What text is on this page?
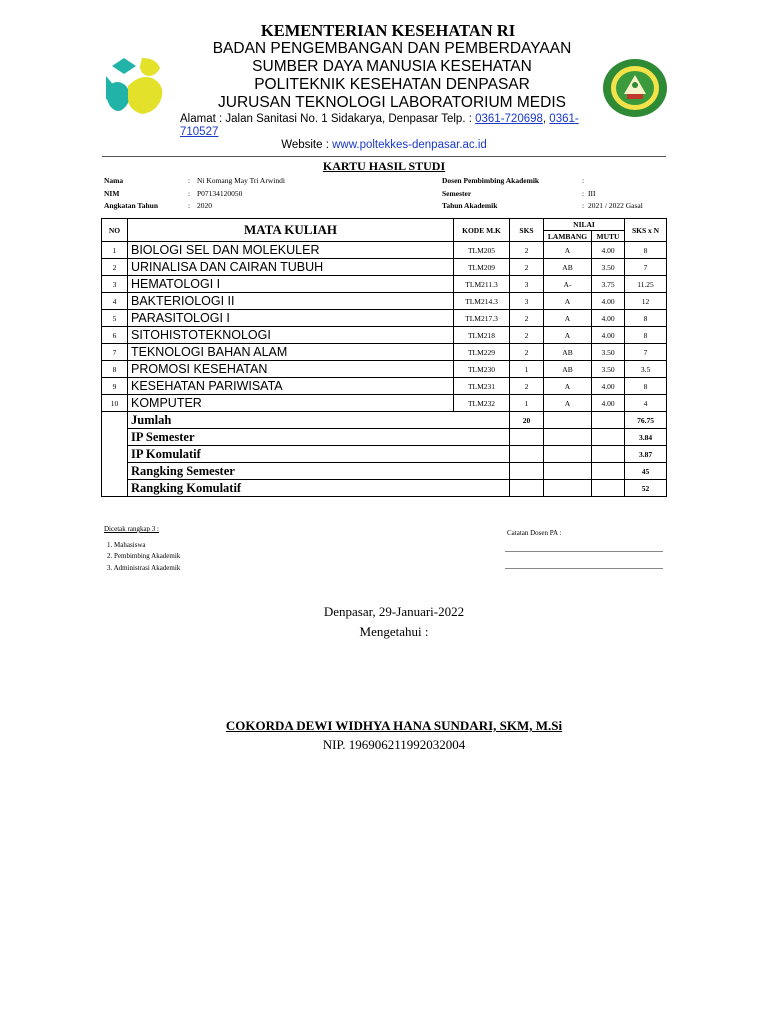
KEMENTERIAN KESEHATAN RI
BADAN PENGEMBANGAN DAN PEMBERDAYAAN
SUMBER DAYA MANUSIA KESEHATAN
POLITEKNIK KESEHATAN DENPASAR
JURUSAN TEKNOLOGI LABORATORIUM MEDIS
Alamat : Jalan Sanitasi No. 1 Sidakarya, Denpasar Telp. : 0361-720698, 0361-
710527
Website : www.poltekkes-denpasar.ac.id
KARTU HASIL STUDI
Nama	: Ni Komang May Tri Arwindi
NIM	: P07134120050
Angkatan Tahun	: 2020
Dosen Pembimbing Akademik	:
Semester	: III
Tahun Akademik	: 2021 / 2022 Gasal
NO	MATA KULIAH	KODE M.K	SKS	NILAI		SKS x N
				LAMBANG	MUTU	
1	BIOLOGI SEL DAN MOLEKULER	TLM205	2	A	4.00	8
2	URINALISA DAN CAIRAN TUBUH	TLM209	2	AB	3.50	7
3	HEMATOLOGI I	TLM211.3	3	A-	3.75	11.25
4	BAKTERIOLOGI II	TLM214.3	3	A	4.00	12
5	PARASITOLOGI I	TLM217.3	2	A	4.00	8
6	SITOHISTOTEKNOLOGI	TLM218	2	A	4.00	8
7	TEKNOLOGI BAHAN ALAM	TLM229	2	AB	3.50	7
8	PROMOSI KESEHATAN	TLM230	1	AB	3.50	3.5
9	KESEHATAN PARIWISATA	TLM231	2	A	4.00	8
10	KOMPUTER	TLM232	1	A	4.00	4
	Jumlah		20			76.75
	IP Semester					3.84
	IP Komulatif					3.87
	Rangking Semester					45
	Rangking Komulatif					52
Dicetak rangkap 3 :
1. Mahasiswa
2. Pembimbing Akademik
3. Administrasi Akademik
Catatan Dosen PA :
Denpasar, 29-Januari-2022
Mengetahui :
COKORDA DEWI WIDHYA HANA SUNDARI, SKM, M.Si
NIP. 196906211992032004
